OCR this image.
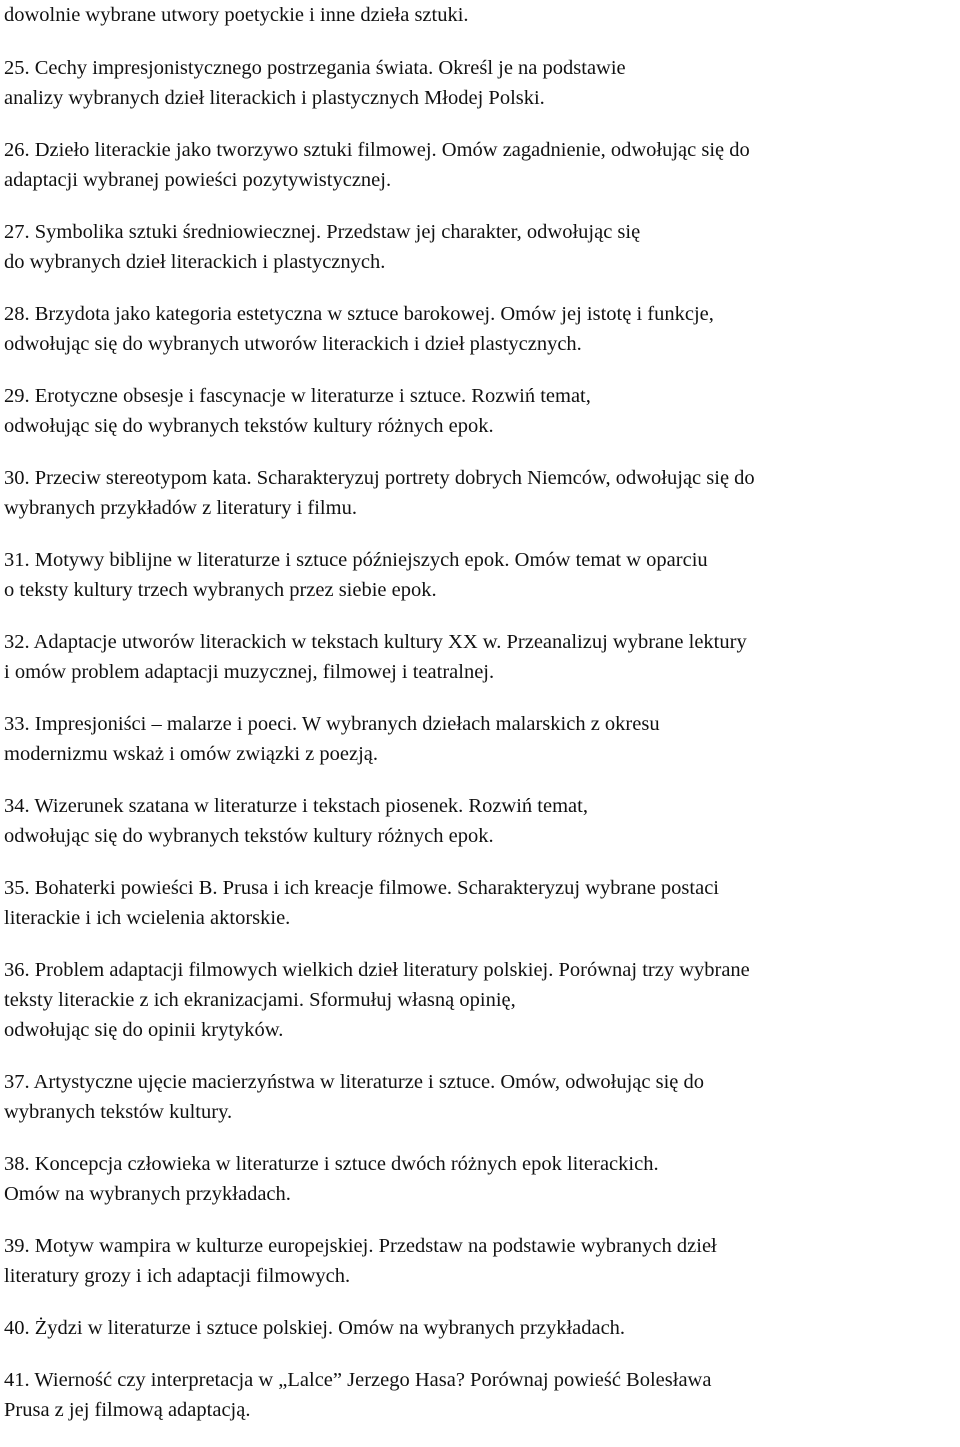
dowolnie wybrane utwory poetyckie i inne dzieła sztuki.
25. Cechy impresjonistycznego postrzegania świata. Określ je na podstawie
analizy wybranych dzieł literackich i plastycznych Młodej Polski.
26. Dzieło literackie jako tworzywo sztuki filmowej. Omów zagadnienie, odwołując się do
adaptacji wybranej powieści pozytywistycznej.
27. Symbolika sztuki średniowiecznej. Przedstaw jej charakter, odwołując się
do wybranych dzieł literackich i plastycznych.
28. Brzydota jako kategoria estetyczna w sztuce barokowej. Omów jej istotę i funkcje,
odwołując się do wybranych utworów literackich i dzieł plastycznych.
29. Erotyczne obsesje i fascynacje w literaturze i sztuce. Rozwiń temat,
odwołując się do wybranych tekstów kultury różnych epok.
30. Przeciw stereotypom kata. Scharakteryzuj portrety dobrych Niemców, odwołując się do
wybranych przykładów z literatury i filmu.
31. Motywy biblijne w literaturze i sztuce późniejszych epok. Omów temat w oparciu
o teksty kultury trzech wybranych przez siebie epok.
32. Adaptacje utworów literackich w tekstach kultury XX w. Przeanalizuj wybrane lektury
i omów problem adaptacji muzycznej, filmowej i teatralnej.
33. Impresjoniści – malarze i poeci. W wybranych dziełach malarskich z okresu
modernizmu wskaż i omów związki z poezją.
34. Wizerunek szatana w literaturze i tekstach piosenek. Rozwiń temat,
odwołując się do wybranych tekstów kultury różnych epok.
35. Bohaterki powieści B. Prusa i ich kreacje filmowe. Scharakteryzuj wybrane postaci
literackie i ich wcielenia aktorskie.
36. Problem adaptacji filmowych wielkich dzieł literatury polskiej. Porównaj trzy wybrane
teksty literackie z ich ekranizacjami. Sformułuj własną opinię,
odwołując się do opinii krytyków.
37. Artystyczne ujęcie macierzyństwa w literaturze i sztuce. Omów, odwołując się do
wybranych tekstów kultury.
38. Koncepcja człowieka w literaturze i sztuce dwóch różnych epok literackich.
Omów na wybranych przykładach.
39. Motyw wampira w kulturze europejskiej. Przedstaw na podstawie wybranych dzieł
literatury grozy i ich adaptacji filmowych.
40. Żydzi w literaturze i sztuce polskiej. Omów na wybranych przykładach.
41. Wierność czy interpretacja w „Lalce” Jerzego Hasa? Porównaj powieść Bolesława
Prusa z jej filmową adaptacją.
